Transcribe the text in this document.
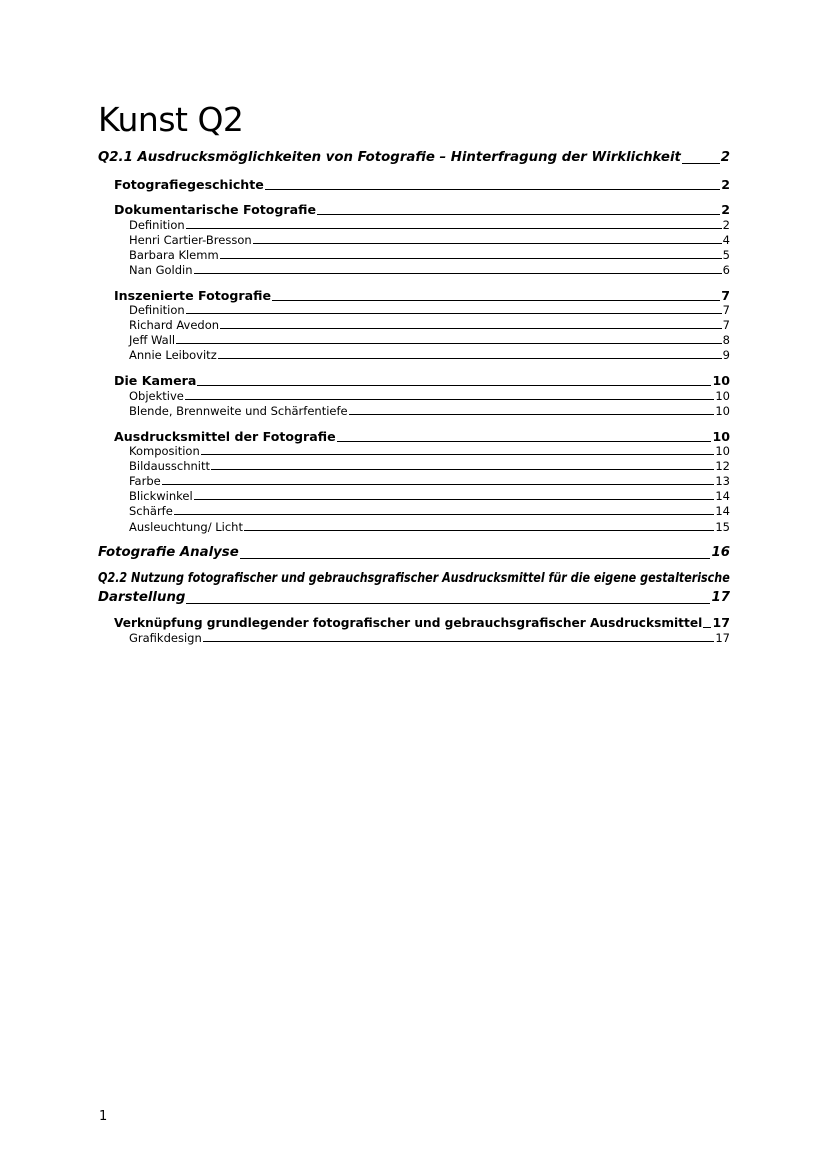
Kunst Q2
Q2.1 Ausdrucksmöglichkeiten von Fotografie – Hinterfragung der Wirklichkeit	2
Fotografiegeschichte	2
Dokumentarische Fotografie	2
Definition	2
Henri Cartier-Bresson	4
Barbara Klemm	5
Nan Goldin	6
Inszenierte Fotografie	7
Definition	7
Richard Avedon	7
Jeff Wall	8
Annie Leibovitz	9
Die Kamera	10
Objektive	10
Blende, Brennweite und Schärfentiefe	10
Ausdrucksmittel der Fotografie	10
Komposition	10
Bildausschnitt	12
Farbe	13
Blickwinkel	14
Schärfe	14
Ausleuchtung/ Licht	15
Fotografie Analyse	16
Q2.2 Nutzung fotografischer und gebrauchsgrafischer Ausdrucksmittel für die eigene gestalterische
Darstellung	17
Verknüpfung grundlegender fotografischer und gebrauchsgrafischer Ausdrucksmittel 17
Grafikdesign	17
1
